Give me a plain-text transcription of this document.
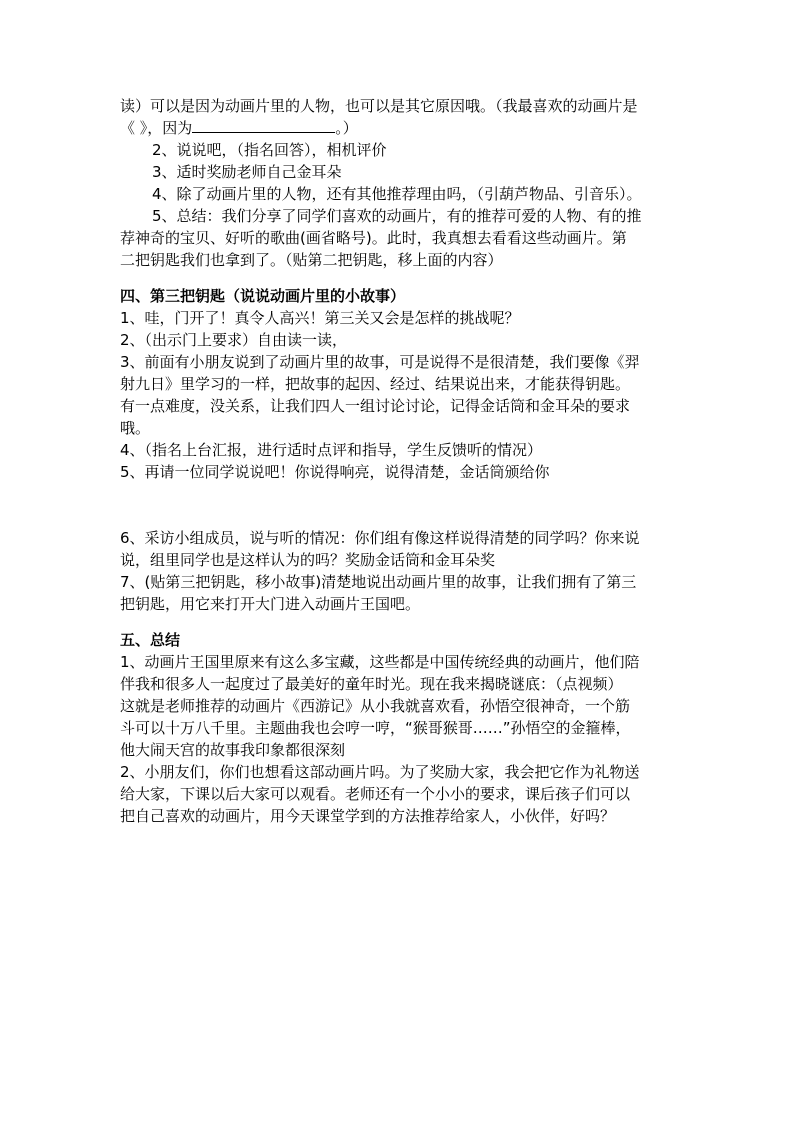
读）可以是因为动画片里的人物，也可以是其它原因哦。（我最喜欢的动画片是
《 》，因为	。）
2、说说吧，（指名回答），相机评价
3、适时奖励老师自己金耳朵
4、除了动画片里的人物，还有其他推荐理由吗，（引葫芦物品、引音乐）。
5、总结：我们分享了同学们喜欢的动画片，有的推荐可爱的人物、有的推
荐神奇的宝贝、好听的歌曲(画省略号)。此时，我真想去看看这些动画片。第
二把钥匙我们也拿到了。（贴第二把钥匙，移上面的内容）
四、第三把钥匙（说说动画片里的小故事）
1、哇，门开了！真令人高兴！第三关又会是怎样的挑战呢？
2、（出示门上要求）自由读一读，
3、前面有小朋友说到了动画片里的故事，可是说得不是很清楚，我们要像《羿
射九日》里学习的一样，把故事的起因、经过、结果说出来，才能获得钥匙。
有一点难度，没关系，让我们四人一组讨论讨论，记得金话筒和金耳朵的要求
哦。
4、（指名上台汇报，进行适时点评和指导，学生反馈听的情况）
5、再请一位同学说说吧！你说得响亮，说得清楚，金话筒颁给你
6、采访小组成员，说与听的情况：你们组有像这样说得清楚的同学吗？你来说
说，组里同学也是这样认为的吗？奖励金话筒和金耳朵奖
7、(贴第三把钥匙，移小故事)清楚地说出动画片里的故事，让我们拥有了第三
把钥匙，用它来打开大门进入动画片王国吧。
五、总结
1、动画片王国里原来有这么多宝藏，这些都是中国传统经典的动画片，他们陪
伴我和很多人一起度过了最美好的童年时光。现在我来揭晓谜底：（点视频）
这就是老师推荐的动画片《西游记》从小我就喜欢看，孙悟空很神奇，一个筋
斗可以十万八千里。主题曲我也会哼一哼，“猴哥猴哥……”孙悟空的金箍棒，
他大闹天宫的故事我印象都很深刻
2、小朋友们，你们也想看这部动画片吗。为了奖励大家，我会把它作为礼物送
给大家，下课以后大家可以观看。老师还有一个小小的要求，课后孩子们可以
把自己喜欢的动画片，用今天课堂学到的方法推荐给家人，小伙伴，好吗？
